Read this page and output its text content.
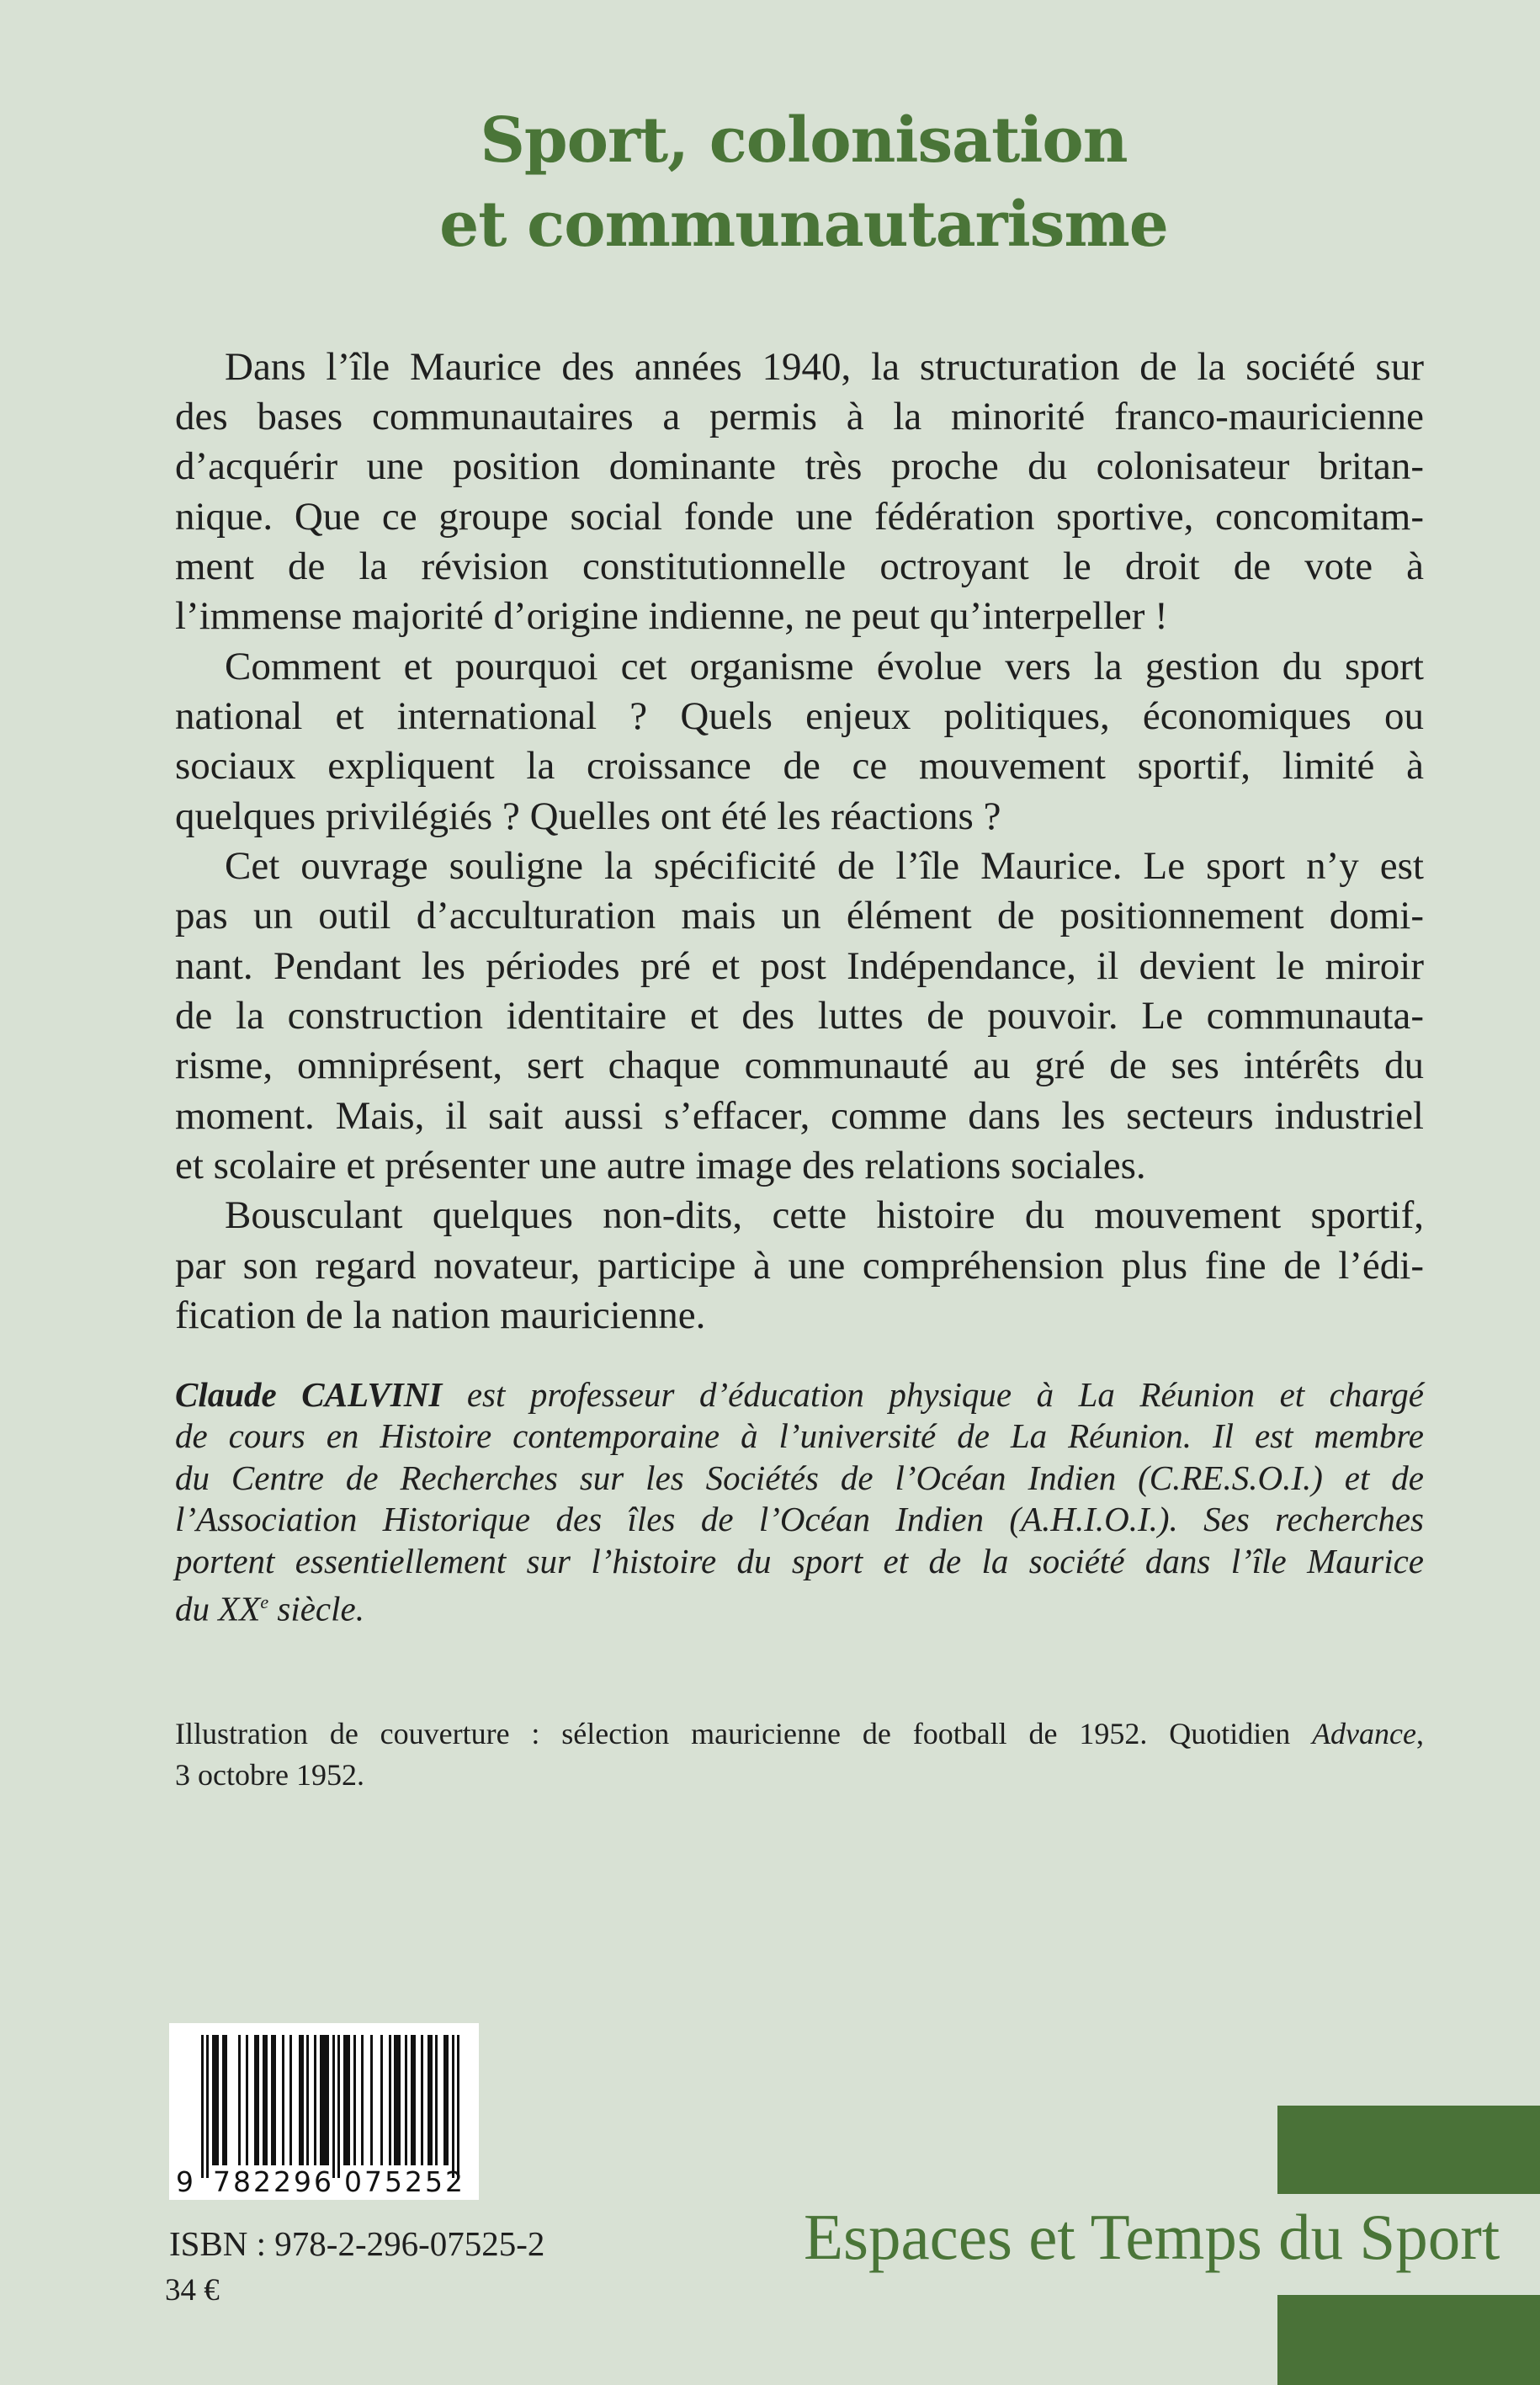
Sport, colonisation
et communautarisme
Dans l’île Maurice des années 1940, la structuration de la société sur
des bases communautaires a permis à la minorité franco-mauricienne
d’acquérir une position dominante très proche du colonisateur britan-
nique. Que ce groupe social fonde une fédération sportive, concomitam-
ment de la révision constitutionnelle octroyant le droit de vote à
l’immense majorité d’origine indienne, ne peut qu’interpeller !
Comment et pourquoi cet organisme évolue vers la gestion du sport
national et international ? Quels enjeux politiques, économiques ou
sociaux expliquent la croissance de ce mouvement sportif, limité à
quelques privilégiés ? Quelles ont été les réactions ?
Cet ouvrage souligne la spécificité de l’île Maurice. Le sport n’y est
pas un outil d’acculturation mais un élément de positionnement domi-
nant. Pendant les périodes pré et post Indépendance, il devient le miroir
de la construction identitaire et des luttes de pouvoir. Le communauta-
risme, omniprésent, sert chaque communauté au gré de ses intérêts du
moment. Mais, il sait aussi s’effacer, comme dans les secteurs industriel
et scolaire et présenter une autre image des relations sociales.
Bousculant quelques non-dits, cette histoire du mouvement sportif,
par son regard novateur, participe à une compréhension plus fine de l’édi-
fication de la nation mauricienne.
Claude CALVINI est professeur d’éducation physique à La Réunion et chargé
de cours en Histoire contemporaine à l’université de La Réunion. Il est membre
du Centre de Recherches sur les Sociétés de l’Océan Indien (C.RE.S.O.I.) et de
l’Association Historique des îles de l’Océan Indien (A.H.I.O.I.). Ses recherches
portent essentiellement sur l’histoire du sport et de la société dans l’île Maurice
du XXe siècle.
Illustration de couverture : sélection mauricienne de football de 1952. Quotidien Advance,
3 octobre 1952.
9 782296 075252
ISBN : 978-2-296-07525-2
34 €
Espaces et Temps du Sport
